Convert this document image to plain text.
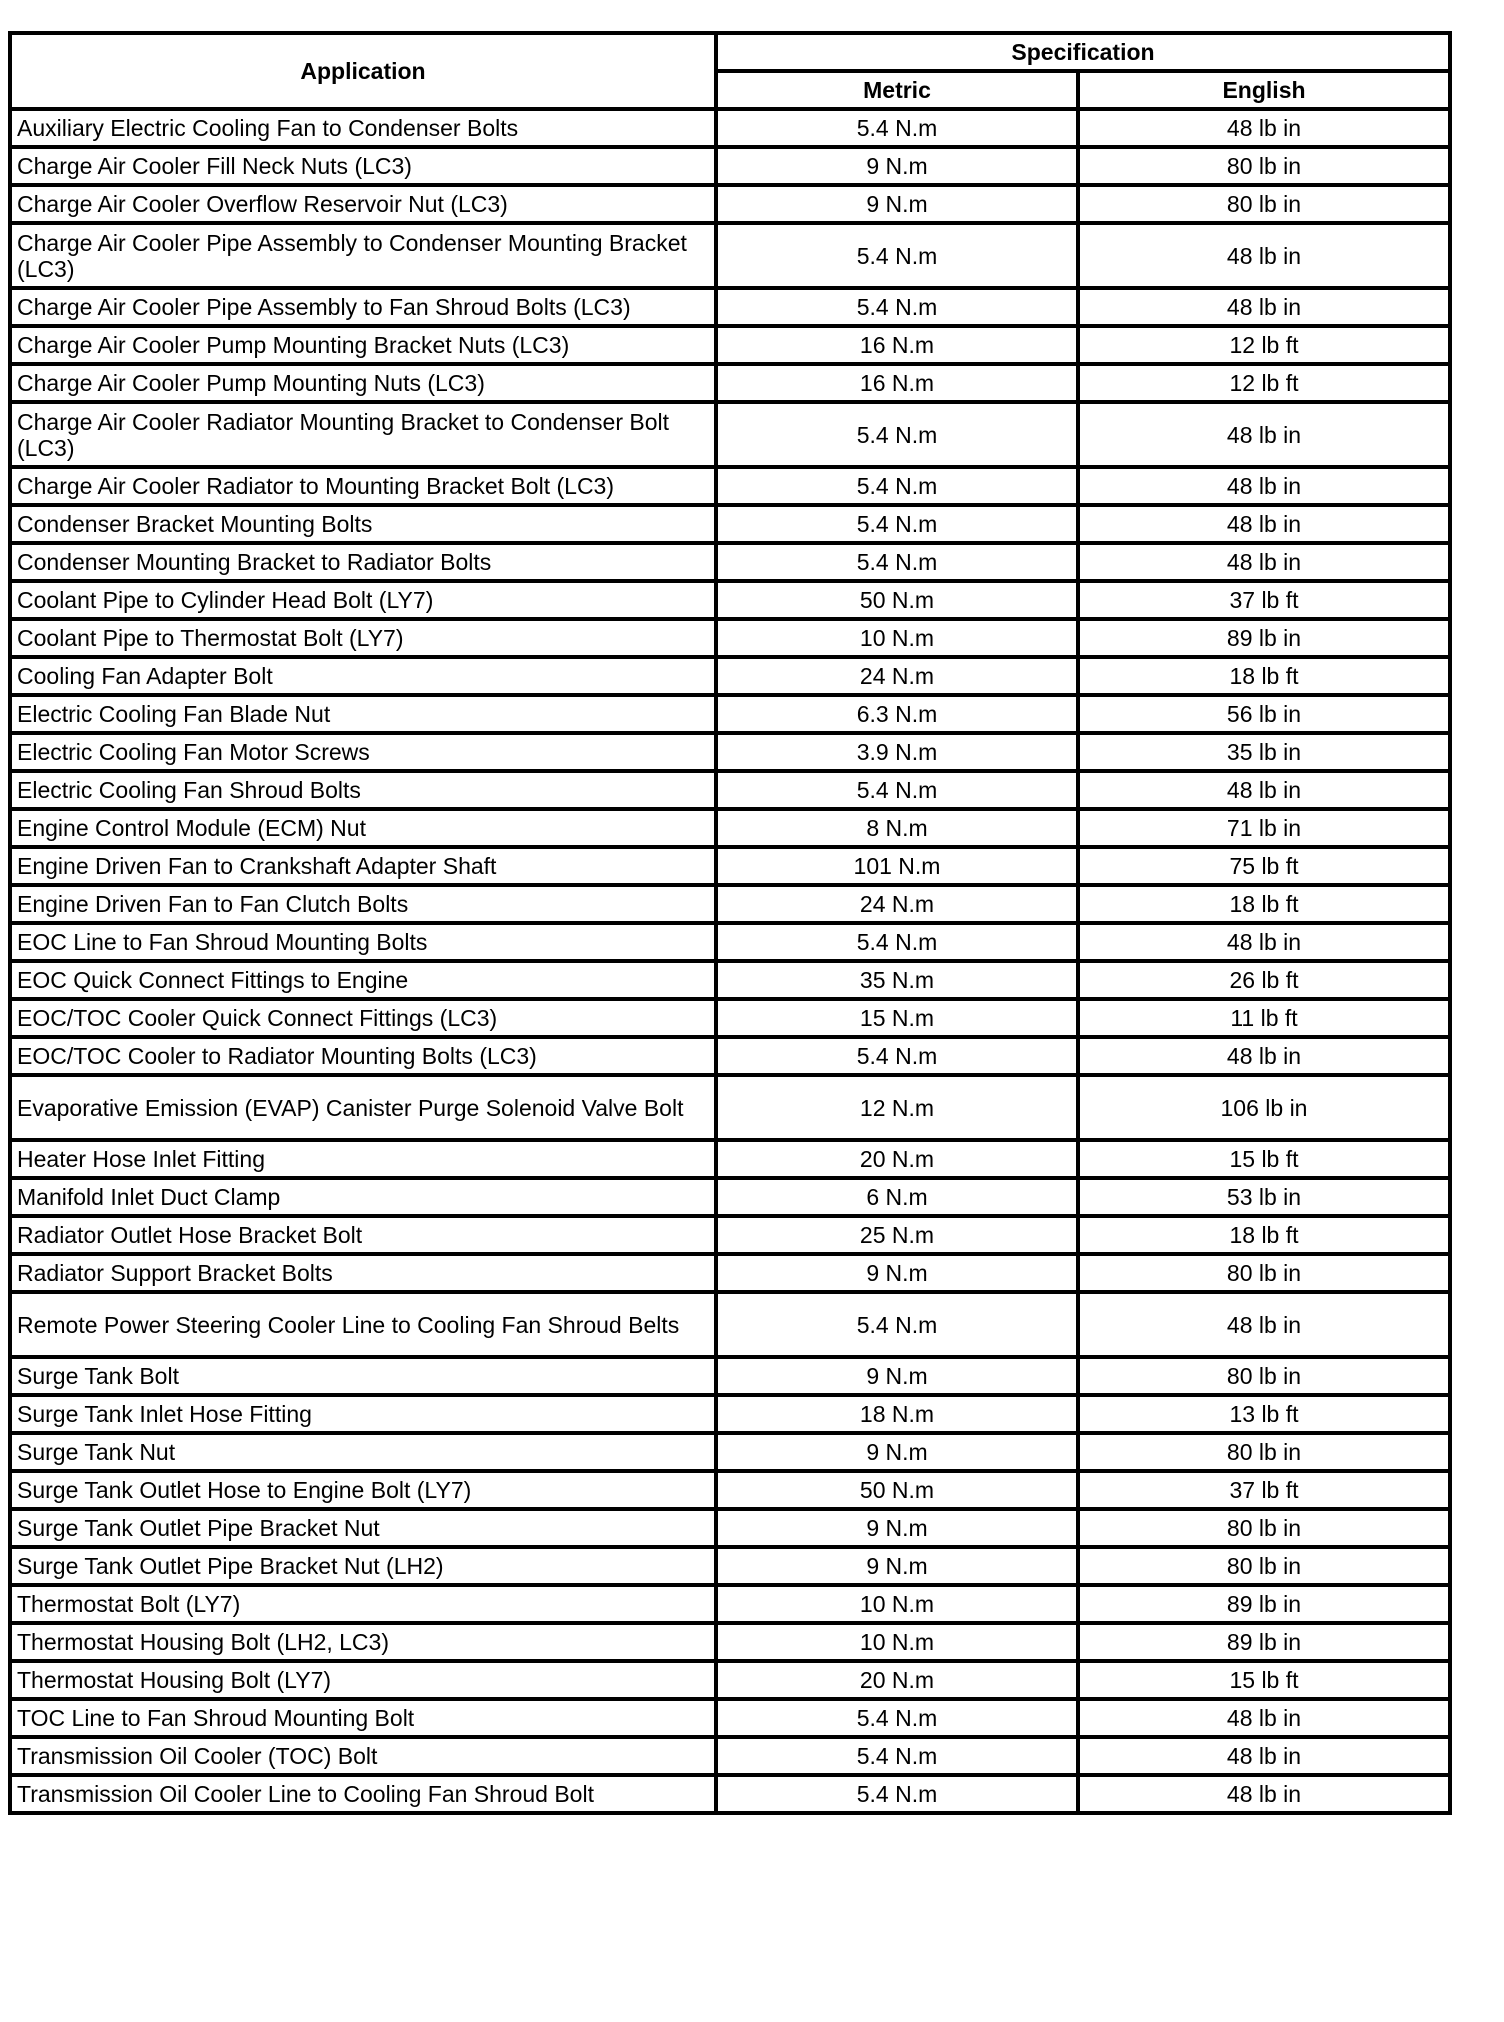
Application	Specification	
	Metric	English
Auxiliary Electric Cooling Fan to Condenser Bolts	5.4 N.m	48 lb in
Charge Air Cooler Fill Neck Nuts (LC3)	9 N.m	80 lb in
Charge Air Cooler Overflow Reservoir Nut (LC3)	9 N.m	80 lb in
Charge Air Cooler Pipe Assembly to Condenser Mounting Bracket (LC3)	5.4 N.m	48 lb in
Charge Air Cooler Pipe Assembly to Fan Shroud Bolts (LC3)	5.4 N.m	48 lb in
Charge Air Cooler Pump Mounting Bracket Nuts (LC3)	16 N.m	12 lb ft
Charge Air Cooler Pump Mounting Nuts (LC3)	16 N.m	12 lb ft
Charge Air Cooler Radiator Mounting Bracket to Condenser Bolt (LC3)	5.4 N.m	48 lb in
Charge Air Cooler Radiator to Mounting Bracket Bolt (LC3)	5.4 N.m	48 lb in
Condenser Bracket Mounting Bolts	5.4 N.m	48 lb in
Condenser Mounting Bracket to Radiator Bolts	5.4 N.m	48 lb in
Coolant Pipe to Cylinder Head Bolt (LY7)	50 N.m	37 lb ft
Coolant Pipe to Thermostat Bolt (LY7)	10 N.m	89 lb in
Cooling Fan Adapter Bolt	24 N.m	18 lb ft
Electric Cooling Fan Blade Nut	6.3 N.m	56 lb in
Electric Cooling Fan Motor Screws	3.9 N.m	35 lb in
Electric Cooling Fan Shroud Bolts	5.4 N.m	48 lb in
Engine Control Module (ECM) Nut	8 N.m	71 lb in
Engine Driven Fan to Crankshaft Adapter Shaft	101 N.m	75 lb ft
Engine Driven Fan to Fan Clutch Bolts	24 N.m	18 lb ft
EOC Line to Fan Shroud Mounting Bolts	5.4 N.m	48 lb in
EOC Quick Connect Fittings to Engine	35 N.m	26 lb ft
EOC/TOC Cooler Quick Connect Fittings (LC3)	15 N.m	11 lb ft
EOC/TOC Cooler to Radiator Mounting Bolts (LC3)	5.4 N.m	48 lb in
Evaporative Emission (EVAP) Canister Purge Solenoid Valve Bolt	12 N.m	106 lb in
Heater Hose Inlet Fitting	20 N.m	15 lb ft
Manifold Inlet Duct Clamp	6 N.m	53 lb in
Radiator Outlet Hose Bracket Bolt	25 N.m	18 lb ft
Radiator Support Bracket Bolts	9 N.m	80 lb in
Remote Power Steering Cooler Line to Cooling Fan Shroud Belts	5.4 N.m	48 lb in
Surge Tank Bolt	9 N.m	80 lb in
Surge Tank Inlet Hose Fitting	18 N.m	13 lb ft
Surge Tank Nut	9 N.m	80 lb in
Surge Tank Outlet Hose to Engine Bolt (LY7)	50 N.m	37 lb ft
Surge Tank Outlet Pipe Bracket Nut	9 N.m	80 lb in
Surge Tank Outlet Pipe Bracket Nut (LH2)	9 N.m	80 lb in
Thermostat Bolt (LY7)	10 N.m	89 lb in
Thermostat Housing Bolt (LH2, LC3)	10 N.m	89 lb in
Thermostat Housing Bolt (LY7)	20 N.m	15 lb ft
TOC Line to Fan Shroud Mounting Bolt	5.4 N.m	48 lb in
Transmission Oil Cooler (TOC) Bolt	5.4 N.m	48 lb in
Transmission Oil Cooler Line to Cooling Fan Shroud Bolt	5.4 N.m	48 lb in
